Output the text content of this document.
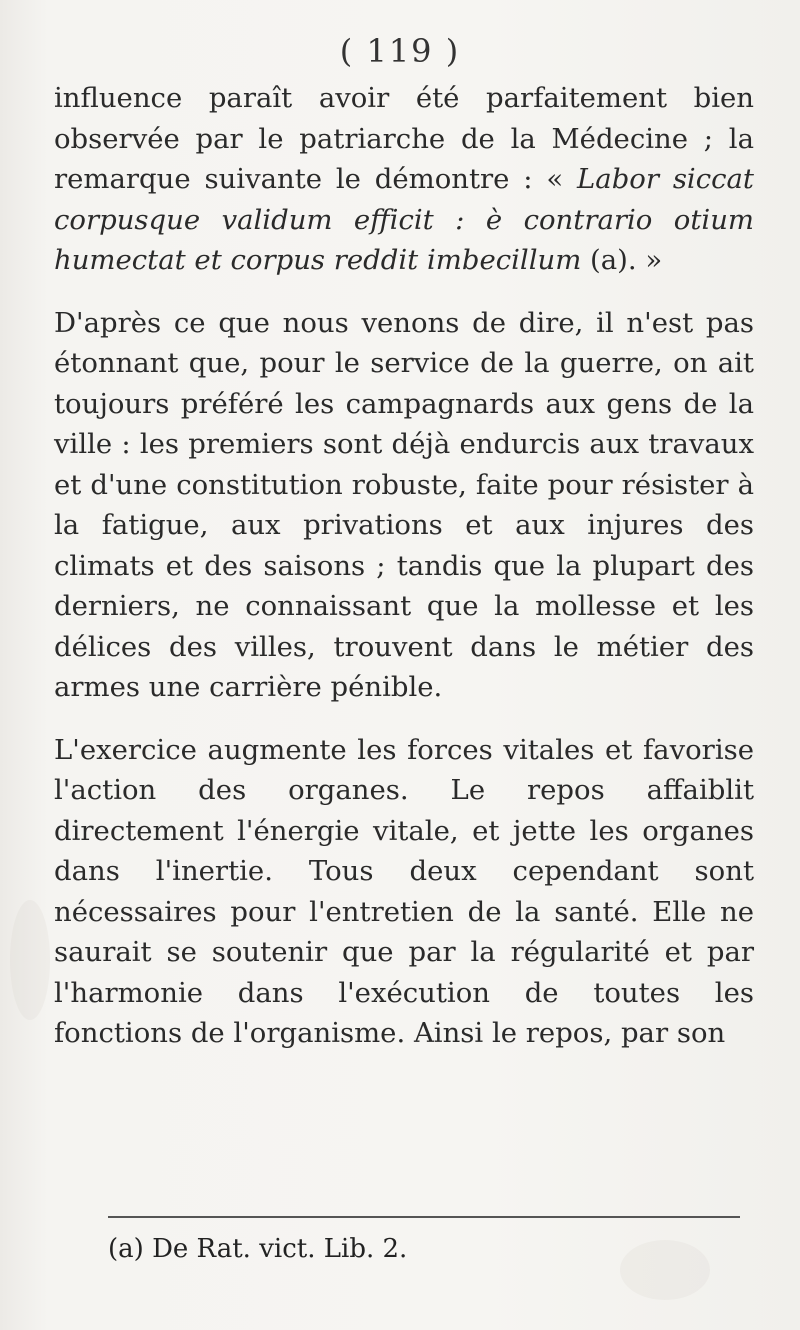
( 119 )

influence paraît avoir été parfaitement bien observée par le patriarche de la Médecine ; la remarque suivante le démontre : « Labor siccat corpusque validum efficit : è contrario otium humectat et corpus reddit imbecillum (a). »

D'après ce que nous venons de dire, il n'est pas étonnant que, pour le service de la guerre, on ait toujours préféré les campagnards aux gens de la ville : les premiers sont déjà endurcis aux travaux et d'une constitution robuste, faite pour résister à la fatigue, aux privations et aux injures des climats et des saisons ; tandis que la plupart des derniers, ne connaissant que la mollesse et les délices des villes, trouvent dans le métier des armes une carrière pénible.

L'exercice augmente les forces vitales et favorise l'action des organes. Le repos affaiblit directement l'énergie vitale, et jette les organes dans l'inertie. Tous deux cependant sont nécessaires pour l'entretien de la santé. Elle ne saurait se soutenir que par la régularité et par l'harmonie dans l'exécution de toutes les fonctions de l'organisme. Ainsi le repos, par son

(a) De Rat. vict. Lib. 2.
